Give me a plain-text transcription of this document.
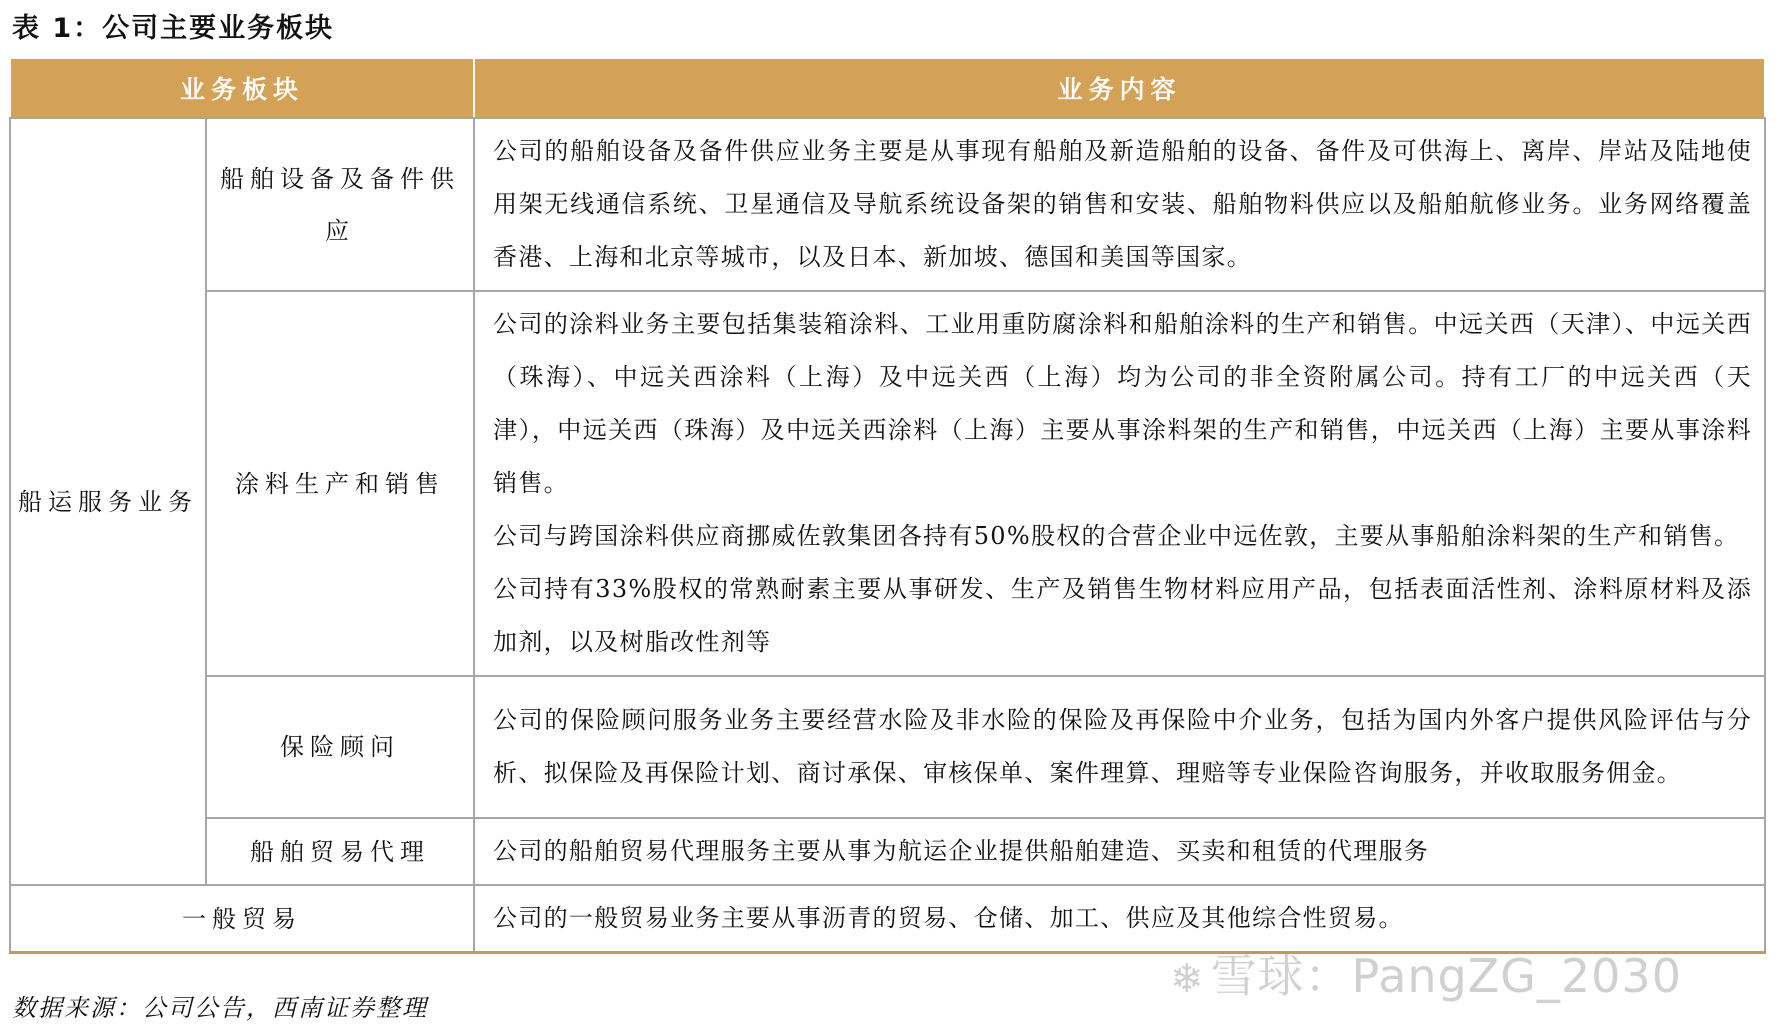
表 1：公司主要业务板块
业务板块		业务内容
船运服务业务	船舶设备及备件供应	公司的船舶设备及备件供应业务主要是从事现有船舶及新造船舶的设备、备件及可供海上、离岸、岸站及陆地使用架无线通信系统、卫星通信及导航系统设备架的销售和安装、船舶物料供应以及船舶航修业务。业务网络覆盖香港、上海和北京等城市，以及日本、新加坡、德国和美国等国家。

	涂料生产和销售	公司的涂料业务主要包括集装箱涂料、工业用重防腐涂料和船舶涂料的生产和销售。中远关西（天津）、中远关西（珠海）、中远关西涂料（上海）及中远关西（上海）均为公司的非全资附属公司。持有工厂的中远关西（天津），中远关西（珠海）及中远关西涂料（上海）主要从事涂料架的生产和销售，中远关西（上海）主要从事涂料销售。

公司与跨国涂料供应商挪威佐敦集团各持有50%股权的合营企业中远佐敦，主要从事船舶涂料架的生产和销售。

公司持有33%股权的常熟耐素主要从事研发、生产及销售生物材料应用产品，包括表面活性剂、涂料原材料及添加剂，以及树脂改性剂等

	保险顾问	公司的保险顾问服务业务主要经营水险及非水险的保险及再保险中介业务，包括为国内外客户提供风险评估与分析、拟保险及再保险计划、商讨承保、审核保单、案件理算、理赔等专业保险咨询服务，并收取服务佣金。

	船舶贸易代理	公司的船舶贸易代理服务主要从事为航运企业提供船舶建造、买卖和租赁的代理服务

一般贸易		公司的一般贸易业务主要从事沥青的贸易、仓储、加工、供应及其他综合性贸易。

数据来源：公司公告，西南证券整理
❄ 雪球：PangZG_2030
